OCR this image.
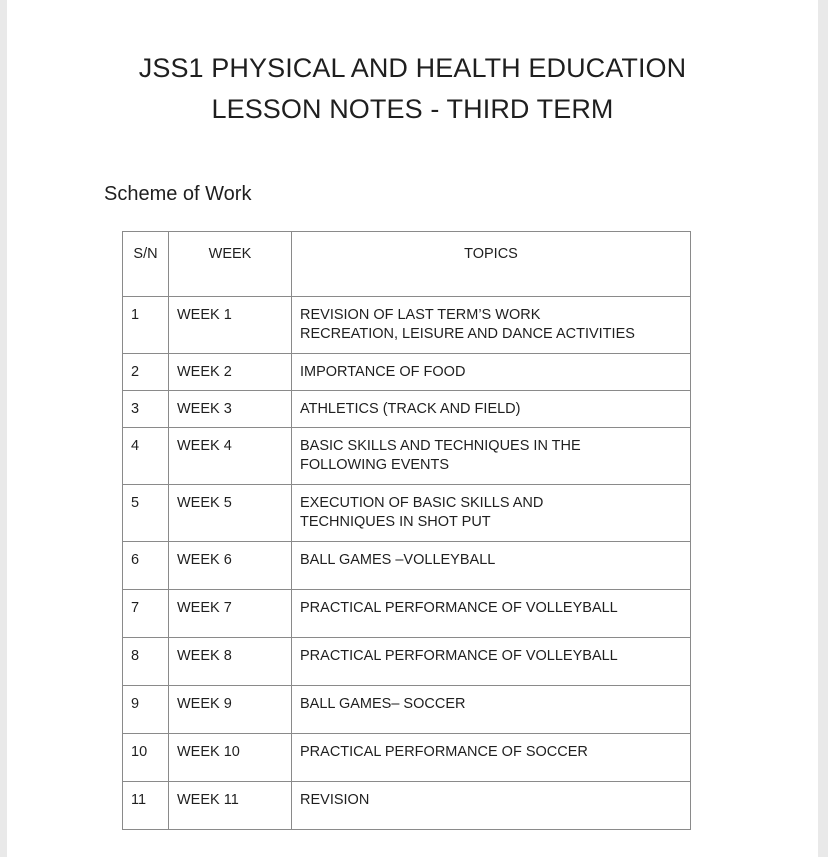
JSS1 PHYSICAL AND HEALTH EDUCATION
LESSON NOTES - THIRD TERM
Scheme of Work
S/N	WEEK	TOPICS
1	WEEK 1	REVISION OF LAST TERM’S WORK
RECREATION, LEISURE AND DANCE ACTIVITIES

2	WEEK 2	IMPORTANCE OF FOOD

3	WEEK 3	ATHLETICS (TRACK AND FIELD)

4	WEEK 4	BASIC SKILLS AND TECHNIQUES IN THE
FOLLOWING EVENTS

5	WEEK 5	EXECUTION OF BASIC SKILLS AND
TECHNIQUES IN SHOT PUT

6	WEEK 6	BALL GAMES –VOLLEYBALL

7	WEEK 7	PRACTICAL PERFORMANCE OF VOLLEYBALL

8	WEEK 8	PRACTICAL PERFORMANCE OF VOLLEYBALL

9	WEEK 9	BALL GAMES– SOCCER

10	WEEK 10	PRACTICAL PERFORMANCE OF SOCCER

11	WEEK 11	REVISION
